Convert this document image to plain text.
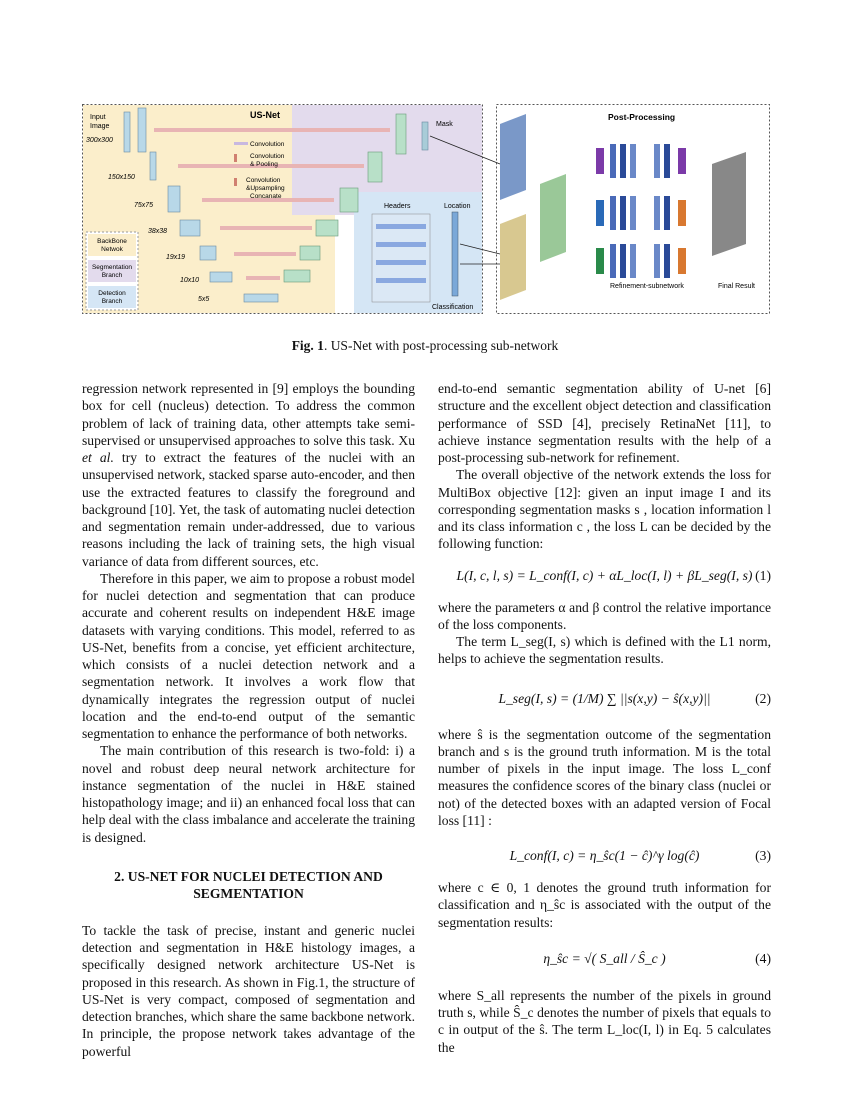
US-Net
Input
Image
300x300
150x150
75x75
38x38
19x19
10x10
5x5
Mask
Convolution
Convolution
& Pooling
Convolution
&Upsampling
Concanate
BackBone
Netwok
Segmentation
Branch
Detection
Branch
Headers	Location
Classification
Post-Processing
Refinement-subnetwork	Final Result
Fig. 1. US-Net with post-processing sub-network

regression network represented in [9] employs the bounding box for cell (nucleus) detection. To address the common problem of lack of training data, other attempts take semi-supervised or unsupervised approaches to solve this task. Xu et al. try to extract the features of the nuclei with an unsupervised network, stacked sparse auto-encoder, and then use the extracted features to classify the foreground and background [10]. Yet, the task of automating nuclei detection and segmentation remain under-addressed, due to various reasons including the lack of training sets, the high visual variance of data from different sources, etc.

Therefore in this paper, we aim to propose a robust model for nuclei detection and segmentation that can produce accurate and coherent results on independent H&E image datasets with varying conditions. This model, referred to as US-Net, benefits from a concise, yet efficient architecture, which consists of a nuclei detection network and a segmentation network. It involves a work flow that dynamically integrates the regression output of nuclei location and the end-to-end output of the semantic segmentation to enhance the performance of both networks.

The main contribution of this research is two-fold: i) a novel and robust deep neural network architecture for instance segmentation of the nuclei in H&E stained histopathology image; and ii) an enhanced focal loss that can help deal with the class imbalance and accelerate the training is designed.

2. US-NET FOR NUCLEI DETECTION AND
SEGMENTATION

To tackle the task of precise, instant and generic nuclei detection and segmentation in H&E histology images, a specifically designed network architecture US-Net is proposed in this research. As shown in Fig.1, the structure of US-Net is very compact, composed of segmentation and detection branches, which share the same backbone network. In principle, the propose network takes advantage of the powerful

end-to-end semantic segmentation ability of U-net [6] structure and the excellent object detection and classification performance of SSD [4], precisely RetinaNet [11], to achieve instance segmentation results with the help of a post-processing sub-network for refinement.

The overall objective of the network extends the loss for MultiBox objective [12]: given an input image I and its corresponding segmentation masks s , location information l and its class information c , the loss L can be decided by the following function:

L(I, c, l, s) = L_conf(I, c) + αL_loc(I, l) + βL_seg(I, s) (1)

where the parameters α and β control the relative importance of the loss components.

The term L_seg(I, s) which is defined with the L1 norm, helps to achieve the segmentation results.

L_seg(I, s) = (1/M) ∑ ||s(x,y) − ŝ(x,y)||	(2)

where ŝ is the segmentation outcome of the segmentation branch and s is the ground truth information. M is the total number of pixels in the input image. The loss L_conf measures the confidence scores of the binary class (nuclei or not) of the detected boxes with an adapted version of Focal loss [11] :

L_conf(I, c) = η_ŝc(1 − ĉ)^γ log(ĉ)	(3)

where c ∈ 0, 1 denotes the ground truth information for classification and η_ŝc is associated with the output of the segmentation results:

η_ŝc = √( S_all / Ŝ_c )	(4)

where S_all represents the number of the pixels in ground truth s, while Ŝ_c denotes the number of pixels that equals to c in output of the ŝ. The term L_loc(I, l) in Eq. 5 calculates the
